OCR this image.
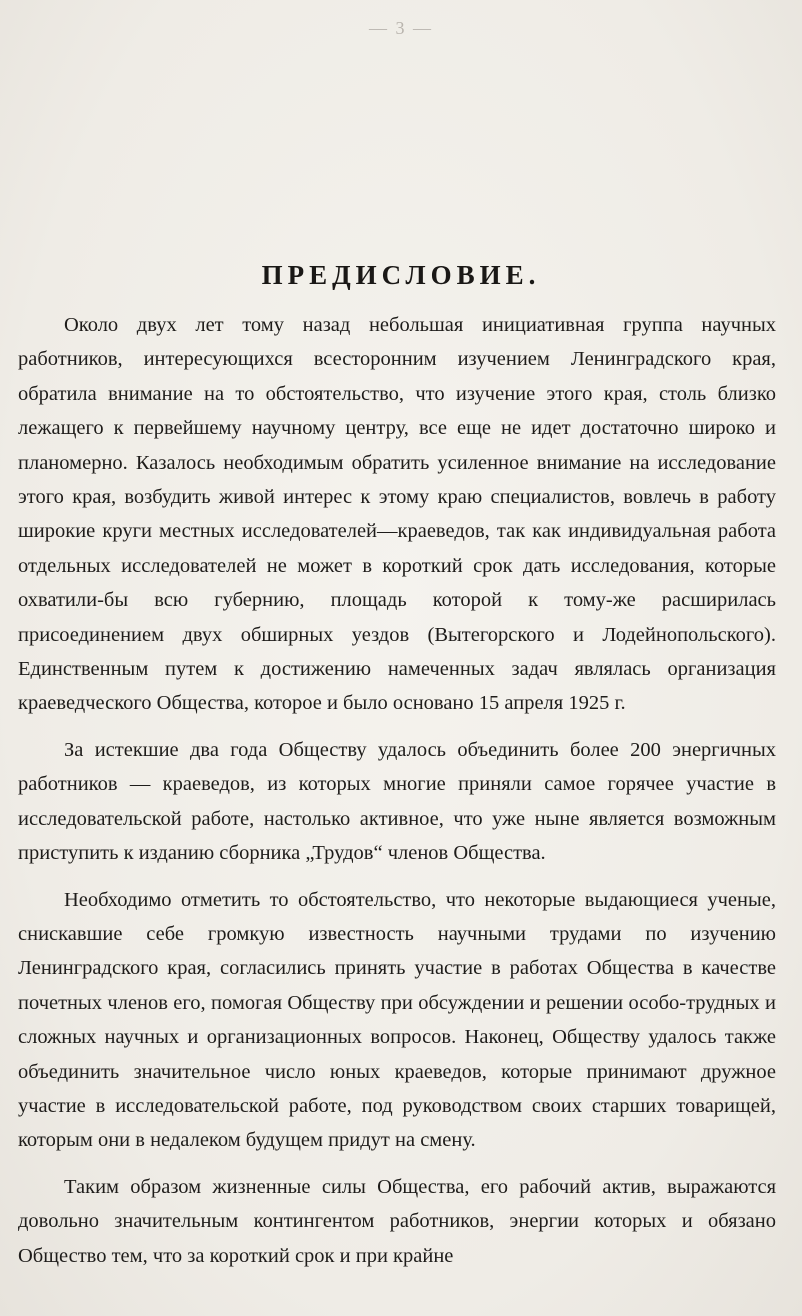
— 3 —
ПРЕДИСЛОВИЕ.

Около двух лет тому назад небольшая инициативная группа научных работников, интересующихся всесторонним изучением Ленинградского края, обратила внимание на то обстоятельство, что изучение этого края, столь близко лежащего к первейшему научному центру, все еще не идет достаточно широко и планомерно. Казалось необходимым обратить усиленное внимание на исследование этого края, возбудить живой интерес к этому краю специалистов, вовлечь в работу широкие круги местных исследователей—краеведов, так как индивидуальная работа отдельных исследователей не может в короткий срок дать исследования, которые охватили-бы всю губернию, площадь которой к тому-же расширилась присоединением двух обширных уездов (Вытегорского и Лодейнопольского). Единственным путем к достижению намеченных задач являлась организация краеведческого Общества, которое и было основано 15 апреля 1925 г.

За истекшие два года Обществу удалось объединить более 200 энергичных работников — краеведов, из которых многие приняли самое горячее участие в исследовательской работе, настолько активное, что уже ныне является возможным приступить к изданию сборника „Трудов“ членов Общества.

Необходимо отметить то обстоятельство, что некоторые выдающиеся ученые, снискавшие себе громкую известность научными трудами по изучению Ленинградского края, согласились принять участие в работах Общества в качестве почетных членов его, помогая Обществу при обсуждении и решении особо-трудных и сложных научных и организационных вопросов. Наконец, Обществу удалось также объединить значительное число юных краеведов, которые принимают дружное участие в исследовательской работе, под руководством своих старших товарищей, которым они в недалеком будущем придут на смену.

Таким образом жизненные силы Общества, его рабочий актив, выражаются довольно значительным контингентом работников, энергии которых и обязано Общество тем, что за короткий срок и при крайне
